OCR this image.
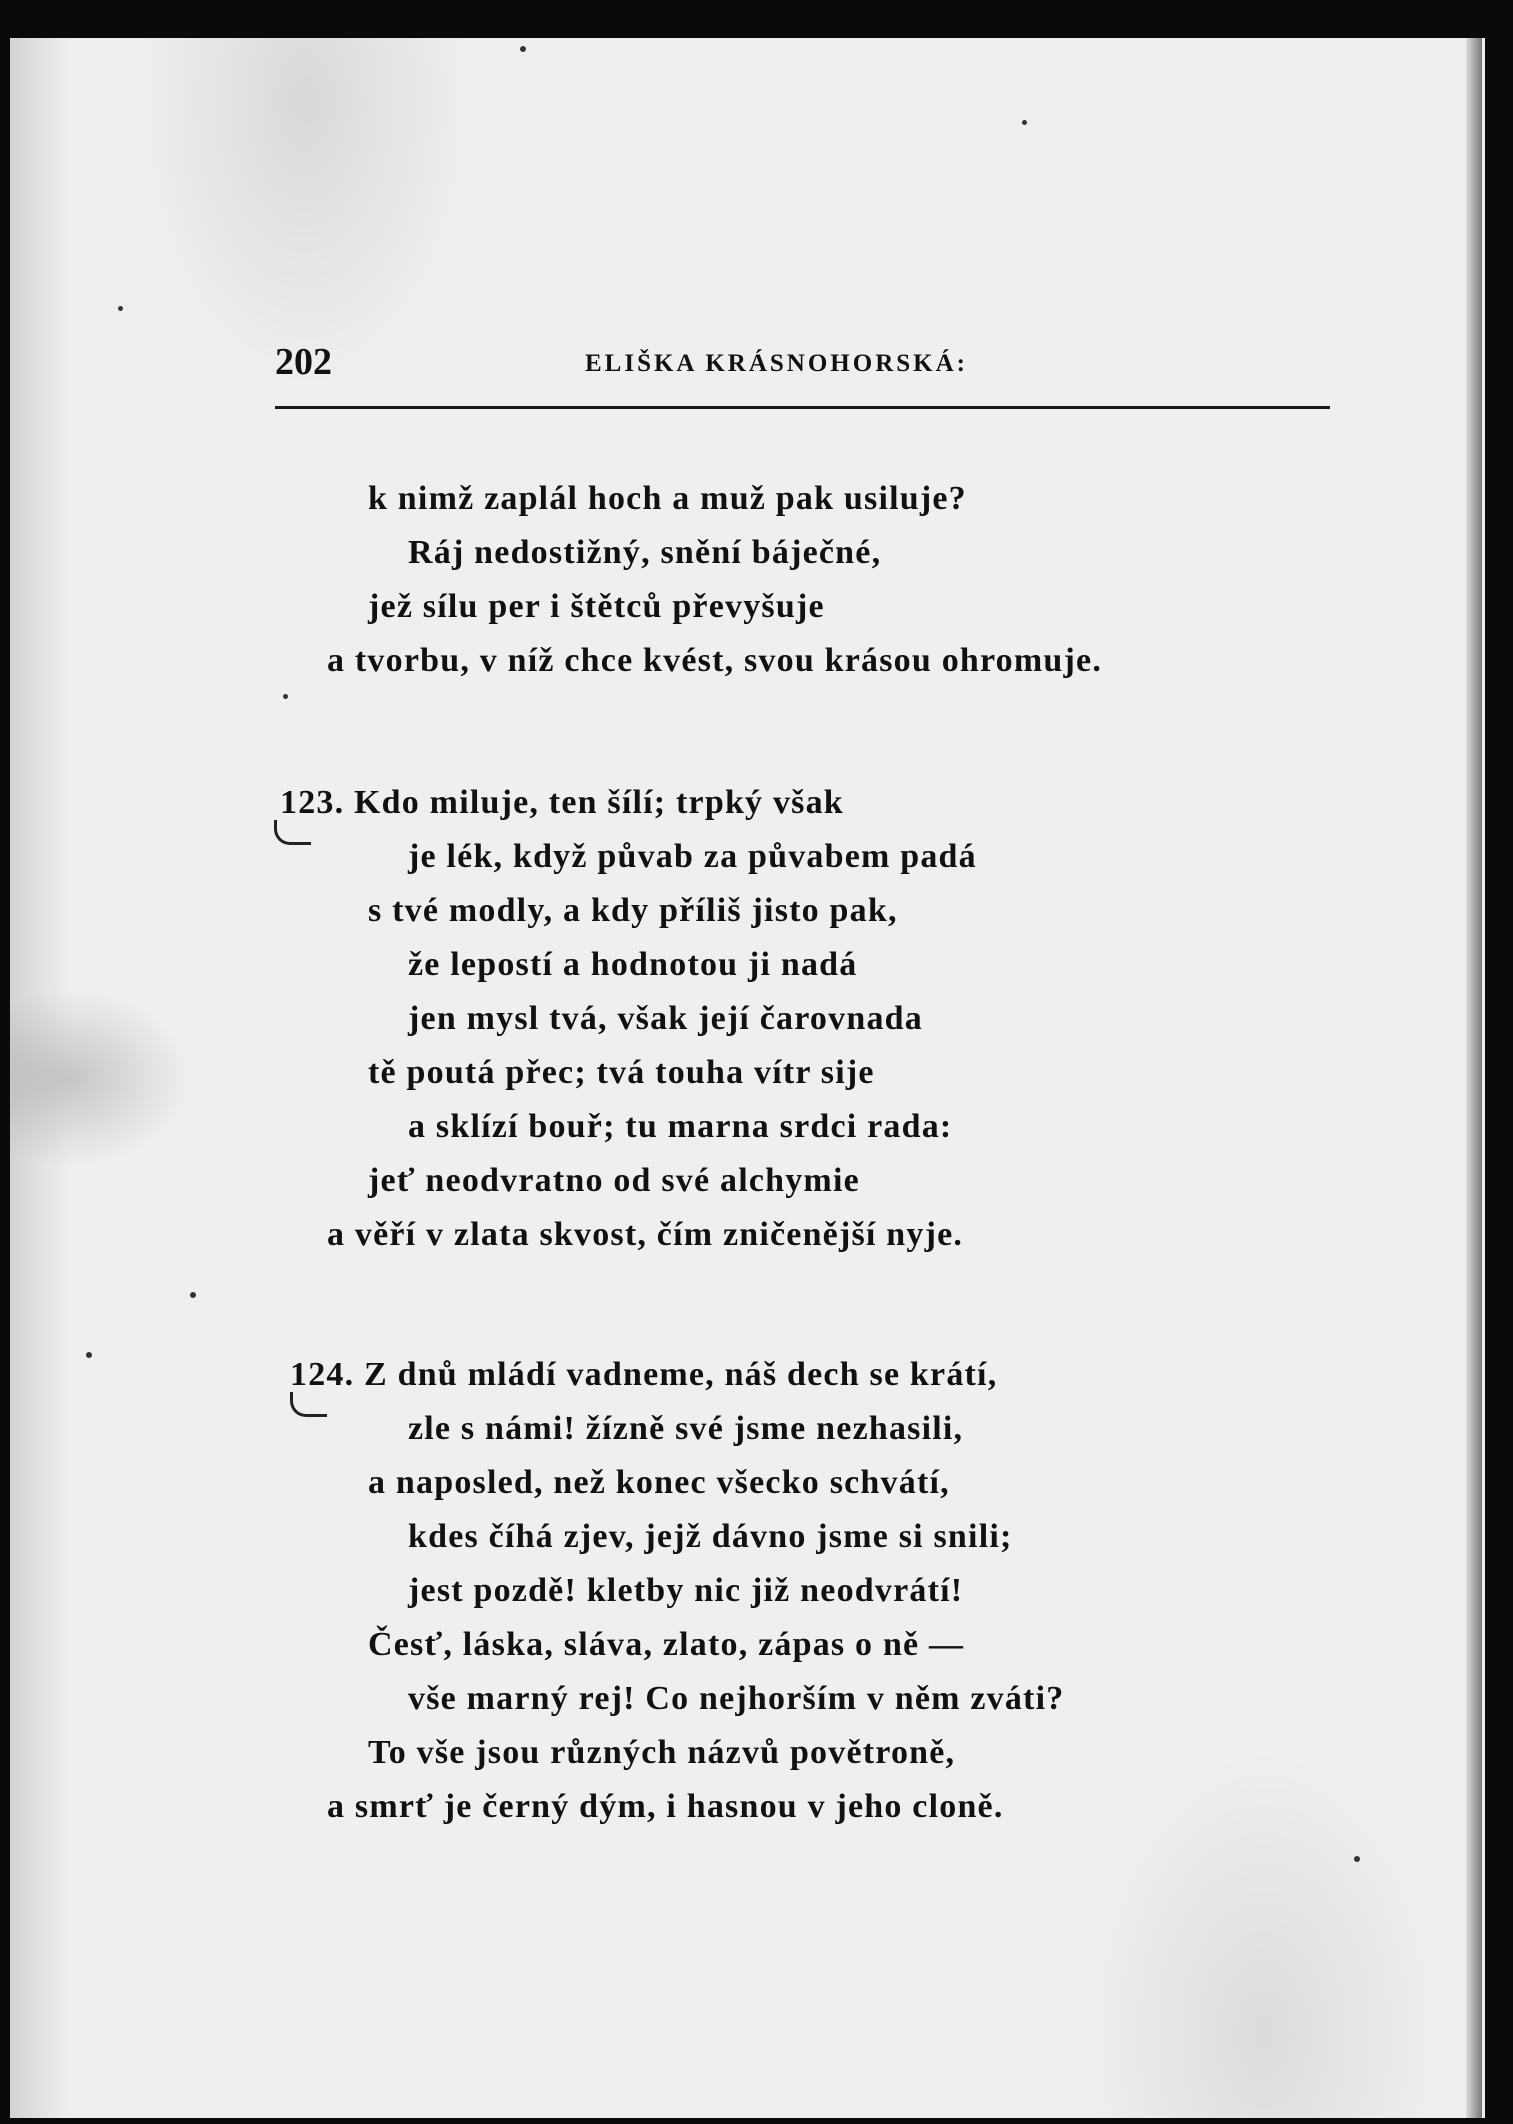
202	ELIŠKA KRÁSNOHORSKÁ:
k nimž zaplál hoch a muž pak usiluje?
Ráj nedostižný, snění báječné,
jež sílu per i štětců převyšuje
a tvorbu, v níž chce kvést, svou krásou ohromuje.
123. Kdo miluje, ten šílí; trpký však
je lék, když půvab za půvabem padá
s tvé modly, a kdy příliš jisto pak,
že lepostí a hodnotou ji nadá
jen mysl tvá, však její čarovnada
tě poutá přec; tvá touha vítr sije
a sklízí bouř; tu marna srdci rada:
jeť neodvratno od své alchymie
a věří v zlata skvost, čím zničenější nyje.
124. Z dnů mládí vadneme, náš dech se krátí,
zle s námi! žízně své jsme nezhasili,
a naposled, než konec všecko schvátí,
kdes číhá zjev, jejž dávno jsme si snili;
jest pozdě! kletby nic již neodvrátí!
Česť, láska, sláva, zlato, zápas o ně —
vše marný rej! Co nejhorším v něm zváti?
To vše jsou různých názvů povětroně,
a smrť je černý dým, i hasnou v jeho cloně.
